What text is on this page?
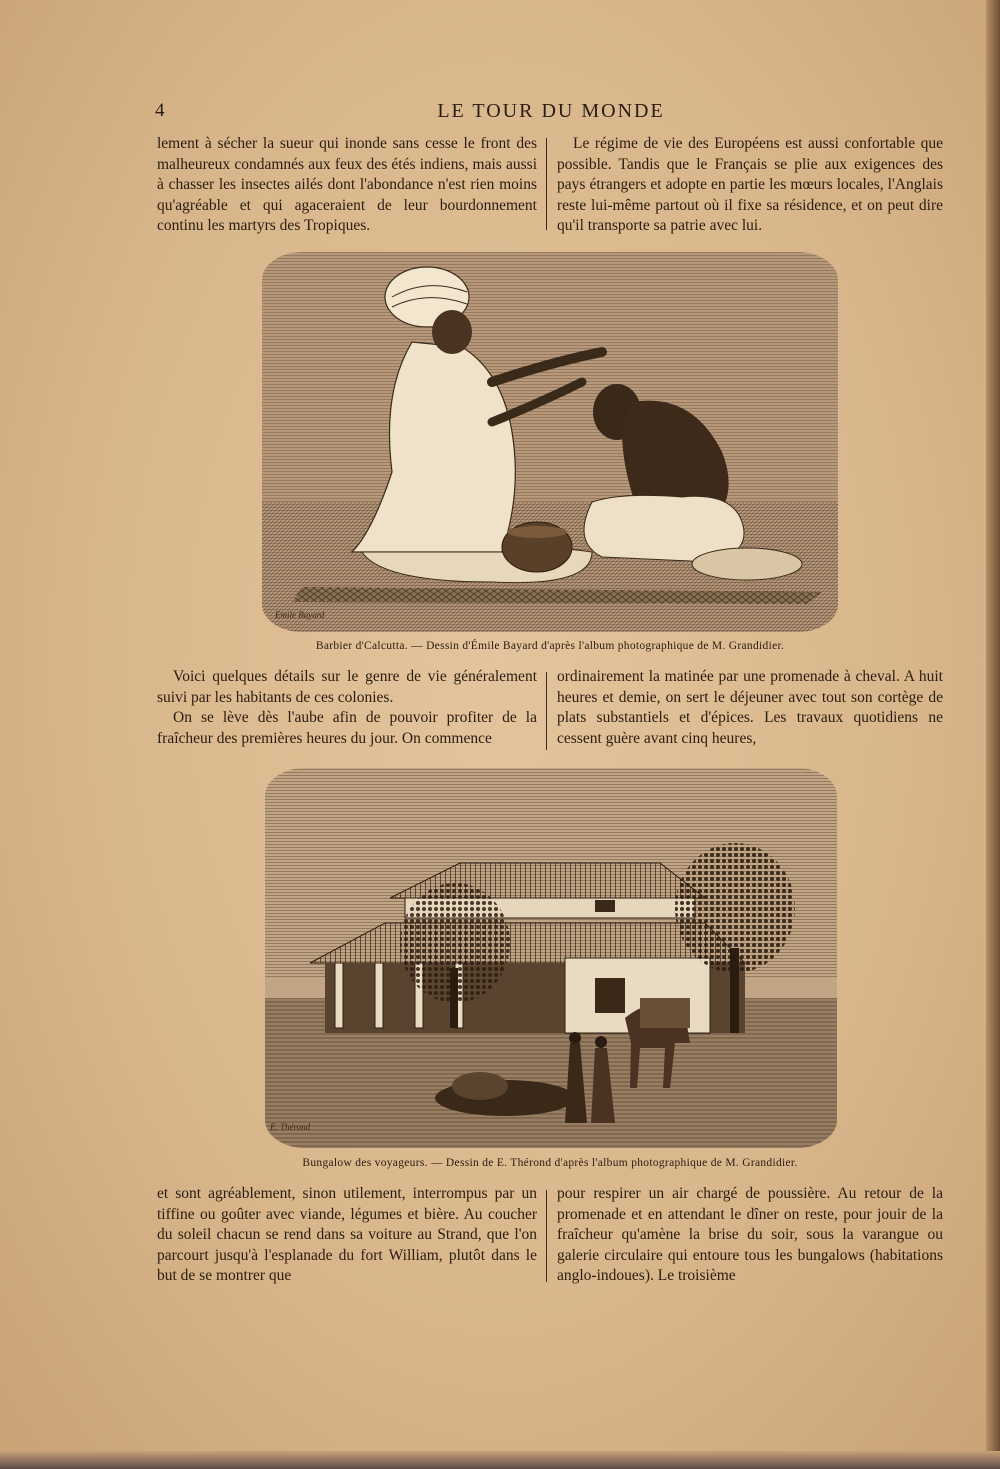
4	LE TOUR DU MONDE

lement à sécher la sueur qui inonde sans cesse le front des malheureux condamnés aux feux des étés indiens, mais aussi à chasser les insectes ailés dont l'abondance n'est rien moins qu'agréable et qui agaceraient de leur bourdonnement continu les martyrs des Tropiques.

Le régime de vie des Européens est aussi confortable que possible. Tandis que le Français se plie aux exigences des pays étrangers et adopte en partie les mœurs locales, l'Anglais reste lui-même partout où il fixe sa résidence, et on peut dire qu'il transporte sa patrie avec lui.

Emile Bayard
Barbier d'Calcutta. — Dessin d'Émile Bayard d'après l'album photographique de M. Grandidier.

Voici quelques détails sur le genre de vie généralement suivi par les habitants de ces colonies.

On se lève dès l'aube afin de pouvoir profiter de la fraîcheur des premières heures du jour. On commence

ordinairement la matinée par une promenade à cheval. A huit heures et demie, on sert le déjeuner avec tout son cortège de plats substantiels et d'épices. Les travaux quotidiens ne cessent guère avant cinq heures,

E. Thérond
Bungalow des voyageurs. — Dessin de E. Thérond d'après l'album photographique de M. Grandidier.

et sont agréablement, sinon utilement, interrompus par un tiffine ou goûter avec viande, légumes et bière. Au coucher du soleil chacun se rend dans sa voiture au Strand, que l'on parcourt jusqu'à l'esplanade du fort William, plutôt dans le but de se montrer que

pour respirer un air chargé de poussière. Au retour de la promenade et en attendant le dîner on reste, pour jouir de la fraîcheur qu'amène la brise du soir, sous la varangue ou galerie circulaire qui entoure tous les bungalows (habitations anglo-indoues). Le troisième
